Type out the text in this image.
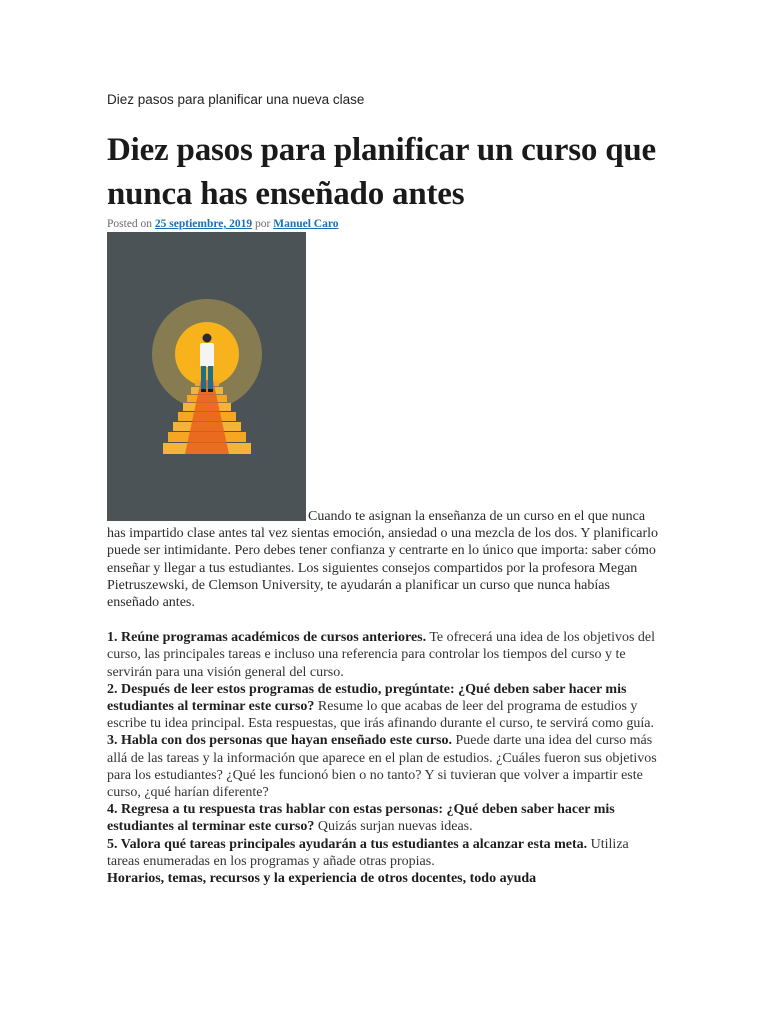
Diez pasos para planificar una nueva clase
Diez pasos para planificar un curso que nunca has enseñado antes
Posted on 25 septiembre, 2019 por Manuel Caro

Cuando te asignan la enseñanza de un curso en el que nunca has impartido clase antes tal vez sientas emoción, ansiedad o una mezcla de los dos. Y planificarlo puede ser intimidante. Pero debes tener confianza y centrarte en lo único que importa: saber cómo enseñar y llegar a tus estudiantes. Los siguientes consejos compartidos por la profesora Megan Pietruszewski, de Clemson University, te ayudarán a planificar un curso que nunca habías enseñado antes.

1. Reúne programas académicos de cursos anteriores. Te ofrecerá una idea de los objetivos del curso, las principales tareas e incluso una referencia para controlar los tiempos del curso y te servirán para una visión general del curso.

2. Después de leer estos programas de estudio, pregúntate: ¿Qué deben saber hacer mis estudiantes al terminar este curso? Resume lo que acabas de leer del programa de estudios y escribe tu idea principal. Esta respuestas, que irás afinando durante el curso, te servirá como guía.

3. Habla con dos personas que hayan enseñado este curso. Puede darte una idea del curso más allá de las tareas y la información que aparece en el plan de estudios. ¿Cuáles fueron sus objetivos para los estudiantes? ¿Qué les funcionó bien o no tanto? Y si tuvieran que volver a impartir este curso, ¿qué harían diferente?

4. Regresa a tu respuesta tras hablar con estas personas: ¿Qué deben saber hacer mis estudiantes al terminar este curso? Quizás surjan nuevas ideas.

5. Valora qué tareas principales ayudarán a tus estudiantes a alcanzar esta meta. Utiliza tareas enumeradas en los programas y añade otras propias.

Horarios, temas, recursos y la experiencia de otros docentes, todo ayuda
